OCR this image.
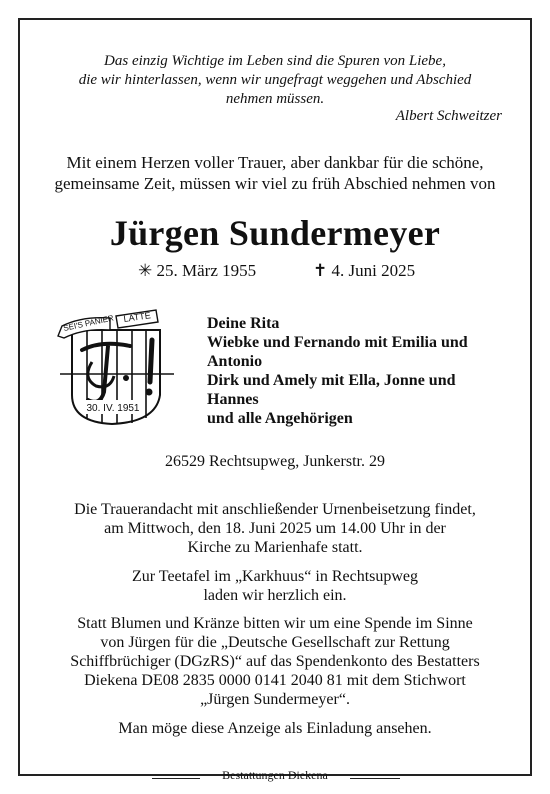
Das einzig Wichtige im Leben sind die Spuren von Liebe,
die wir hinterlassen, wenn wir ungefragt weggehen und Abschied
nehmen müssen.
Albert Schweitzer
Mit einem Herzen voller Trauer, aber dankbar für die schöne,
gemeinsame Zeit, müssen wir viel zu früh Abschied nehmen von
Jürgen Sundermeyer
✳ 25. März 1955	✝ 4. Juni 2025
SEI'S PANIER LATTE
30. IV. 1951
Deine Rita
Wiebke und Fernando mit Emilia und
Antonio
Dirk und Amely mit Ella, Jonne und
Hannes
und alle Angehörigen
26529 Rechtsupweg, Junkerstr. 29
Die Trauerandacht mit anschließender Urnenbeisetzung findet,
am Mittwoch, den 18. Juni 2025 um 14.00 Uhr in der
Kirche zu Marienhafe statt.
Zur Teetafel im „Karkhuus“ in Rechtsupweg
laden wir herzlich ein.
Statt Blumen und Kränze bitten wir um eine Spende im Sinne
von Jürgen für die „Deutsche Gesellschaft zur Rettung
Schiffbrüchiger (DGzRS)“ auf das Spendenkonto des Bestatters
Diekena DE08 2835 0000 0141 2040 81 mit dem Stichwort
„Jürgen Sundermeyer“.
Man möge diese Anzeige als Einladung ansehen.
Bestattungen Diekena
